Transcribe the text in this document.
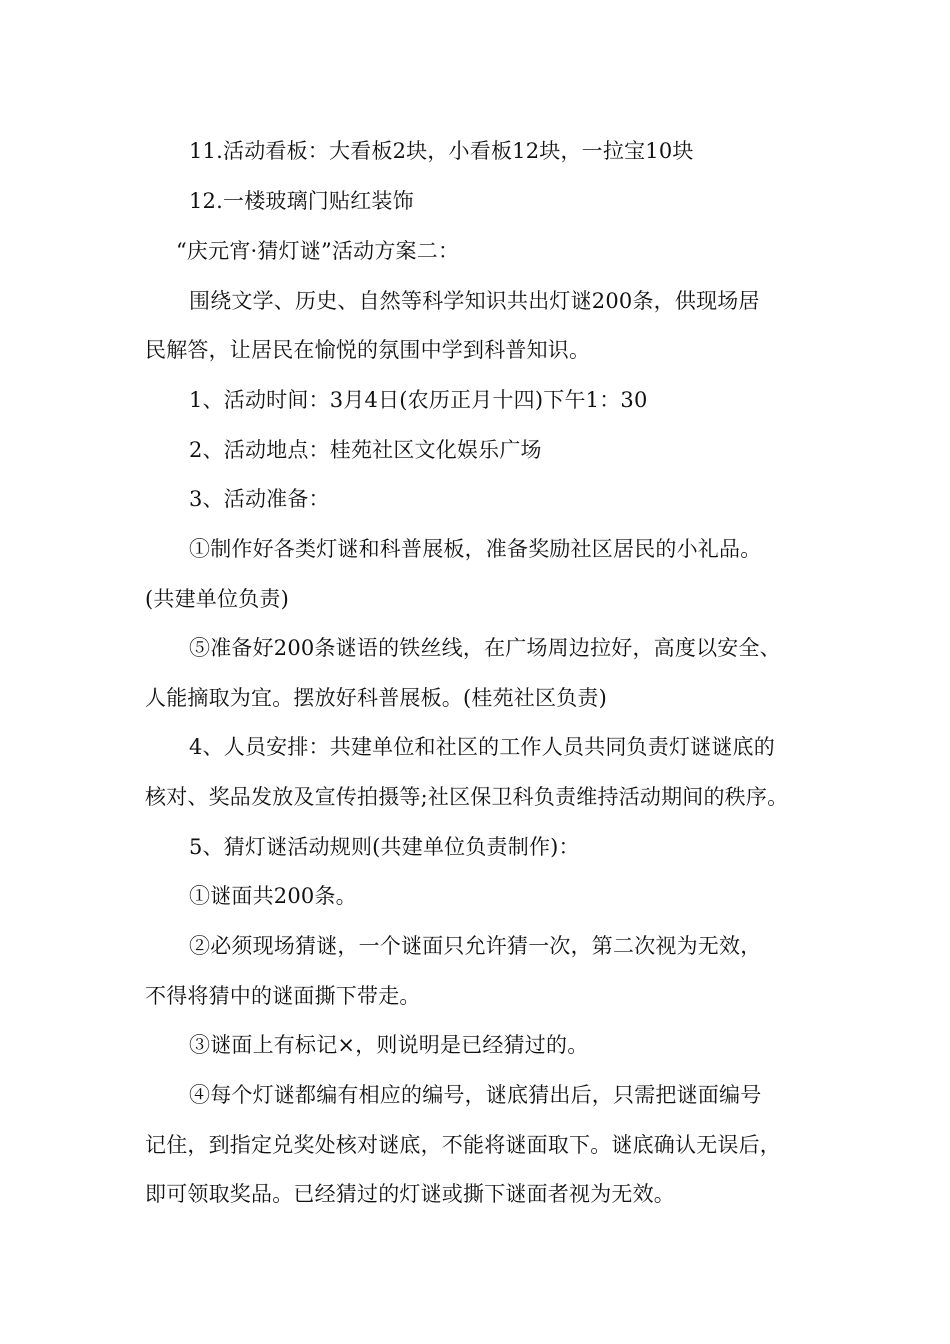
11.活动看板：大看板2块，小看板12块，一拉宝10块
12.一楼玻璃门贴红装饰
“庆元宵·猜灯谜”活动方案二：
围绕文学、历史、自然等科学知识共出灯谜200条，供现场居
民解答，让居民在愉悦的氛围中学到科普知识。
1、活动时间：3月4日(农历正月十四)下午1：30
2、活动地点：桂苑社区文化娱乐广场
3、活动准备：
①制作好各类灯谜和科普展板，准备奖励社区居民的小礼品。
(共建单位负责)
⑤准备好200条谜语的铁丝线，在广场周边拉好，高度以安全、
人能摘取为宜。摆放好科普展板。(桂苑社区负责)
4、人员安排：共建单位和社区的工作人员共同负责灯谜谜底的
核对、奖品发放及宣传拍摄等;社区保卫科负责维持活动期间的秩序。
5、猜灯谜活动规则(共建单位负责制作)：
①谜面共200条。
②必须现场猜谜，一个谜面只允许猜一次，第二次视为无效，
不得将猜中的谜面撕下带走。
③谜面上有标记×，则说明是已经猜过的。
④每个灯谜都编有相应的编号，谜底猜出后，只需把谜面编号
记住，到指定兑奖处核对谜底，不能将谜面取下。谜底确认无误后，
即可领取奖品。已经猜过的灯谜或撕下谜面者视为无效。
